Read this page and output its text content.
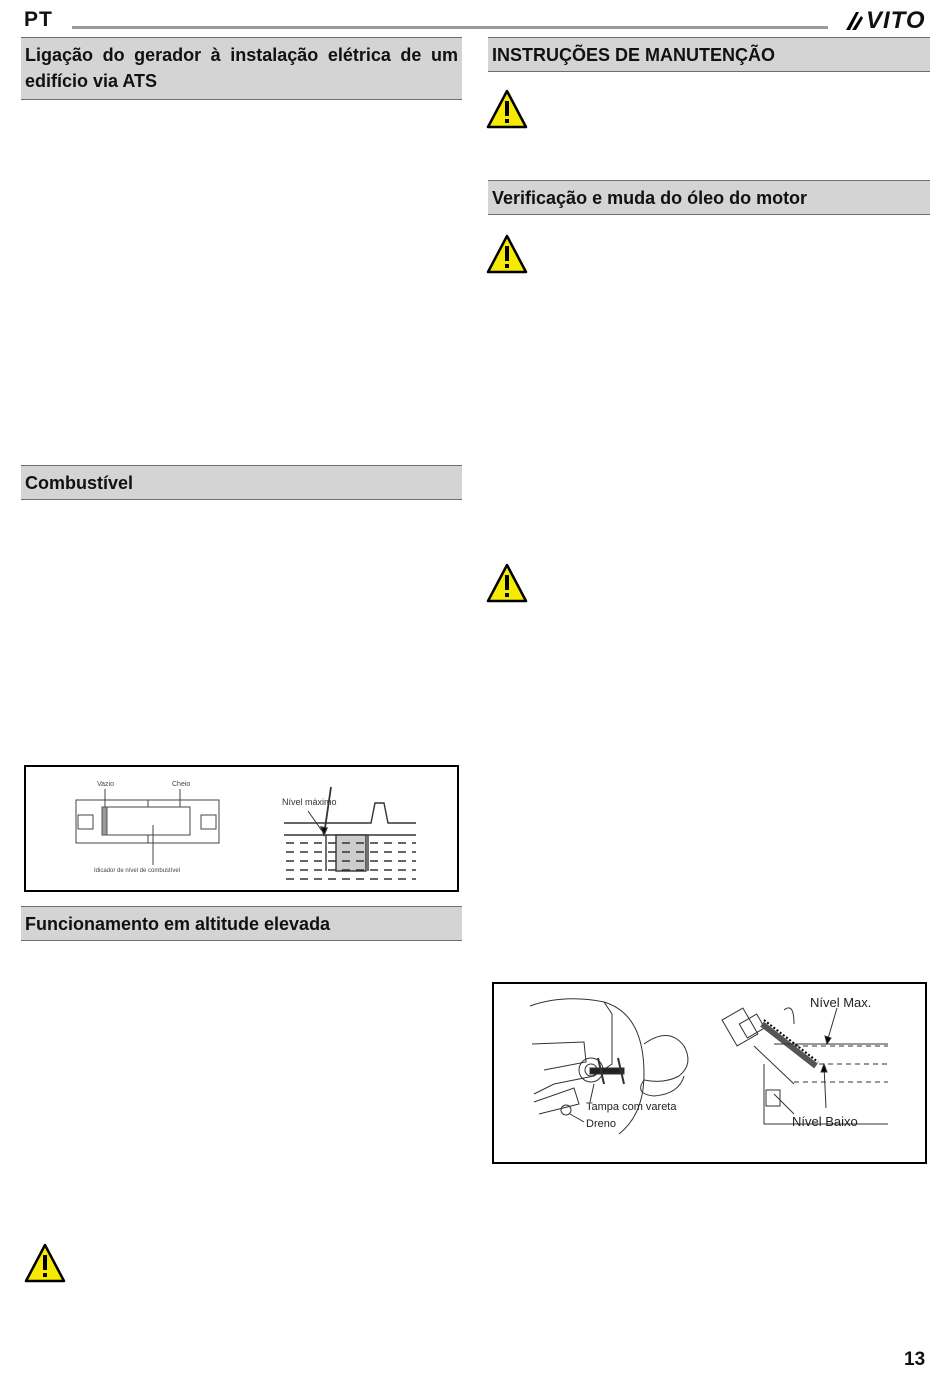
PT	VITO
Ligação do gerador à instalação elétrica de um edifício via ATS
Combustível
Vazio	Cheio
Idicador de nível de combustível
Nível máximo
Funcionamento em altitude elevada
INSTRUÇÕES DE MANUTENÇÃO
Verificação e muda do óleo do motor
Tampa com vareta
Dreno
Nível Max.
Nível Baixo
13
